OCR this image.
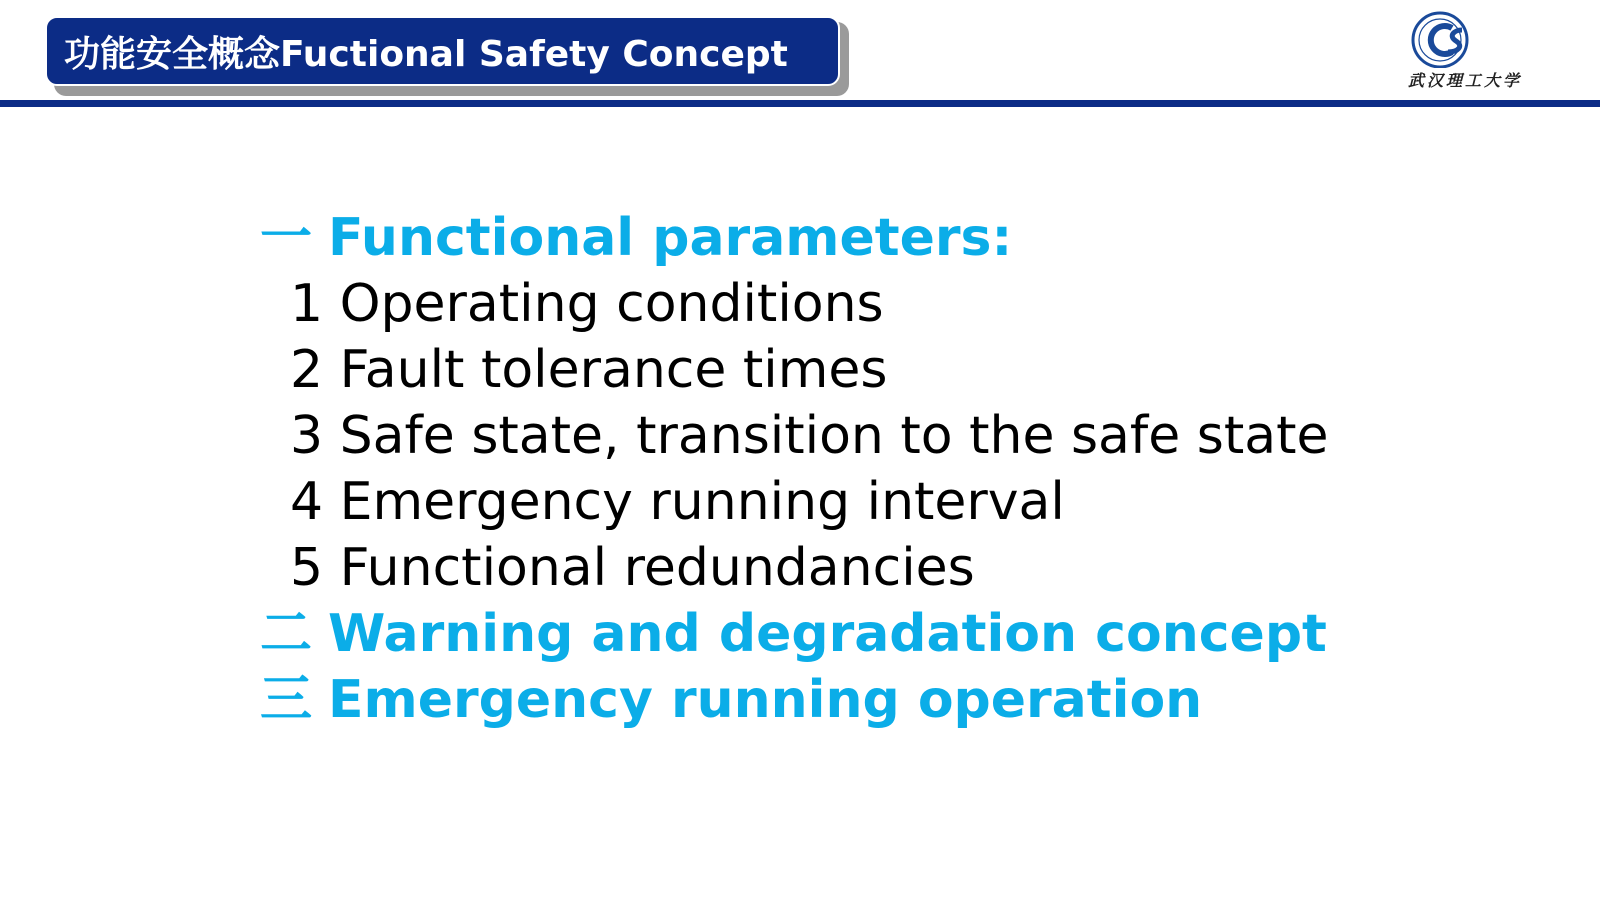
功能安全概念Fuctional Safety Concept
武汉理工大学
一 Functional parameters:
1 Operating conditions
2 Fault tolerance times
3 Safe state, transition to the safe state
4 Emergency running interval
5 Functional redundancies
二 Warning and degradation concept
三 Emergency running operation
